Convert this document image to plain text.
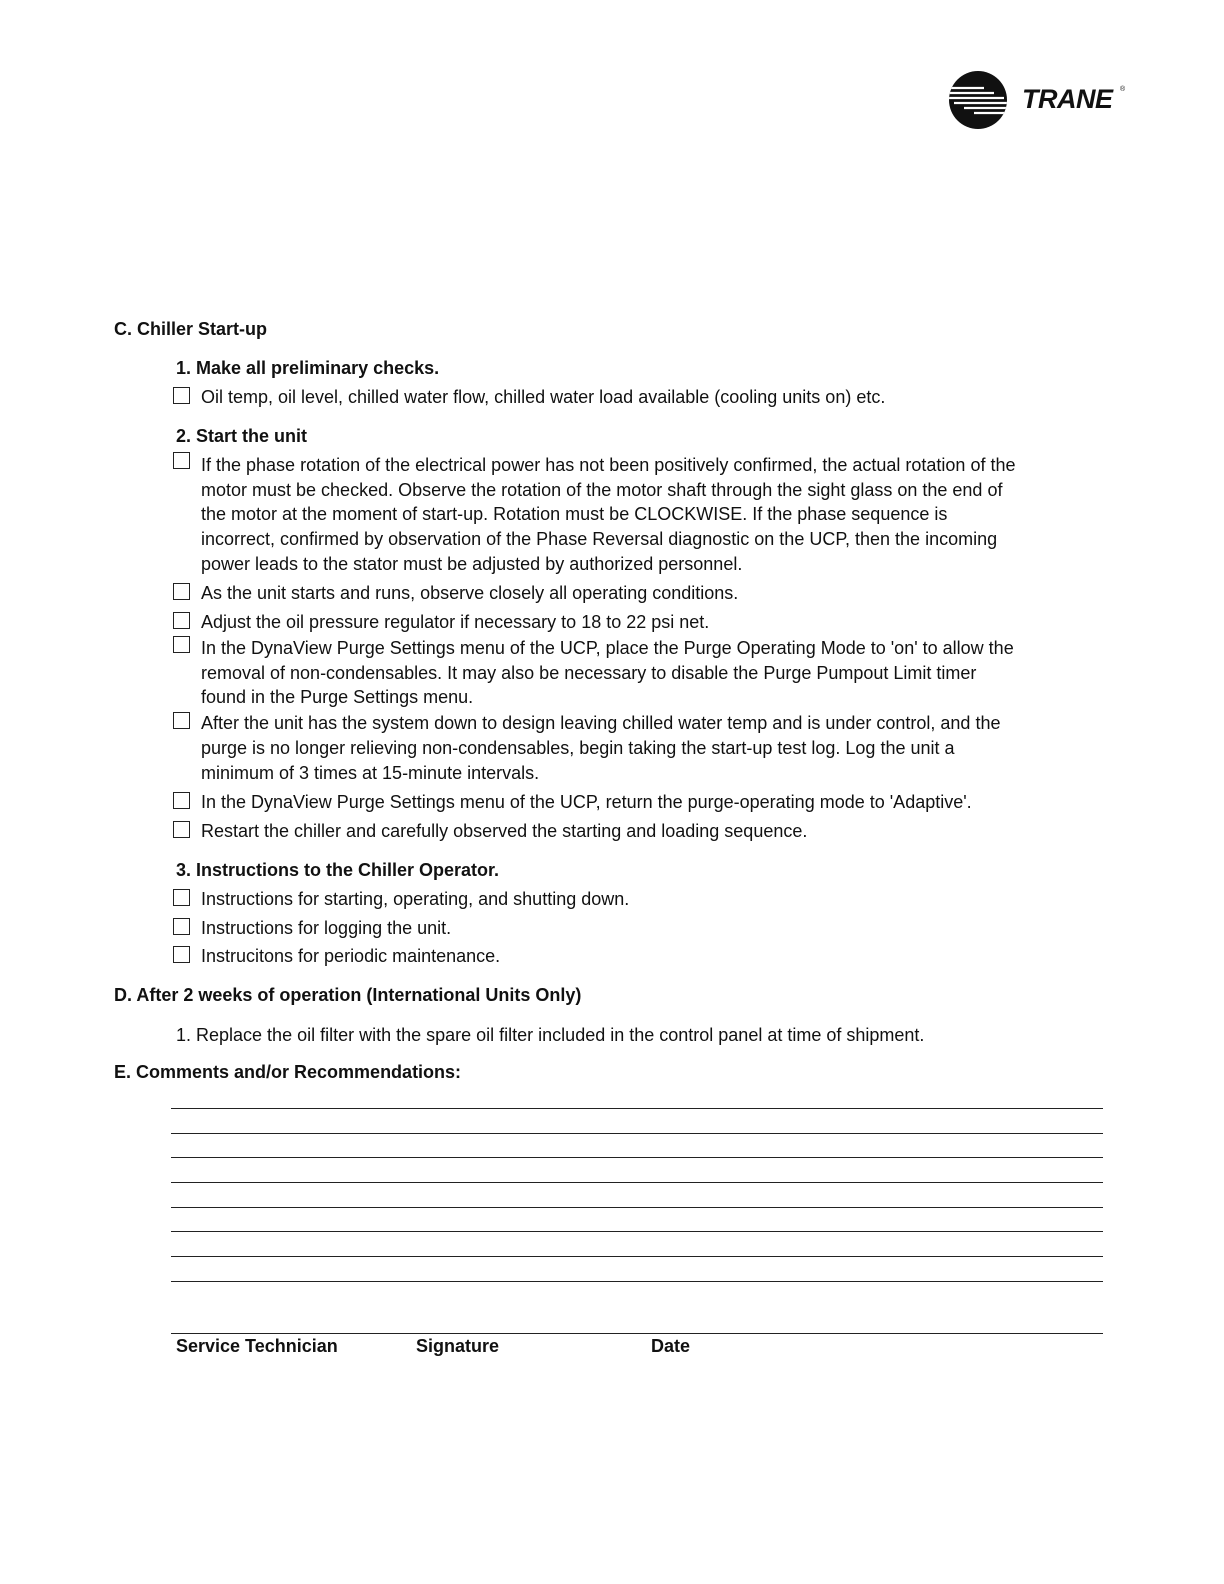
TRANE ®
C. Chiller Start-up
1. Make all preliminary checks.
Oil temp, oil level, chilled water flow, chilled water load available (cooling units on) etc.
2. Start the unit
If the phase rotation of the electrical power has not been positively confirmed, the actual rotation of the
motor must be checked. Observe the rotation of the motor shaft through the sight glass on the end of
the motor at the moment of start-up. Rotation must be CLOCKWISE. If the phase sequence is
incorrect, confirmed by observation of the Phase Reversal diagnostic on the UCP, then the incoming
power leads to the stator must be adjusted by authorized personnel.
As the unit starts and runs, observe closely all operating conditions.
Adjust the oil pressure regulator if necessary to 18 to 22 psi net.
In the DynaView Purge Settings menu of the UCP, place the Purge Operating Mode to 'on' to allow the
removal of non-condensables. It may also be necessary to disable the Purge Pumpout Limit timer
found in the Purge Settings menu.
After the unit has the system down to design leaving chilled water temp and is under control, and the
purge is no longer relieving non-condensables, begin taking the start-up test log. Log the unit a
minimum of 3 times at 15-minute intervals.
In the DynaView Purge Settings menu of the UCP, return the purge-operating mode to 'Adaptive'.
Restart the chiller and carefully observed the starting and loading sequence.
3. Instructions to the Chiller Operator.
Instructions for starting, operating, and shutting down.
Instructions for logging the unit.
Instrucitons for periodic maintenance.
D. After 2 weeks of operation (International Units Only)
1. Replace the oil filter with the spare oil filter included in the control panel at time of shipment.
E. Comments and/or Recommendations:
Service Technician	Signature	Date
